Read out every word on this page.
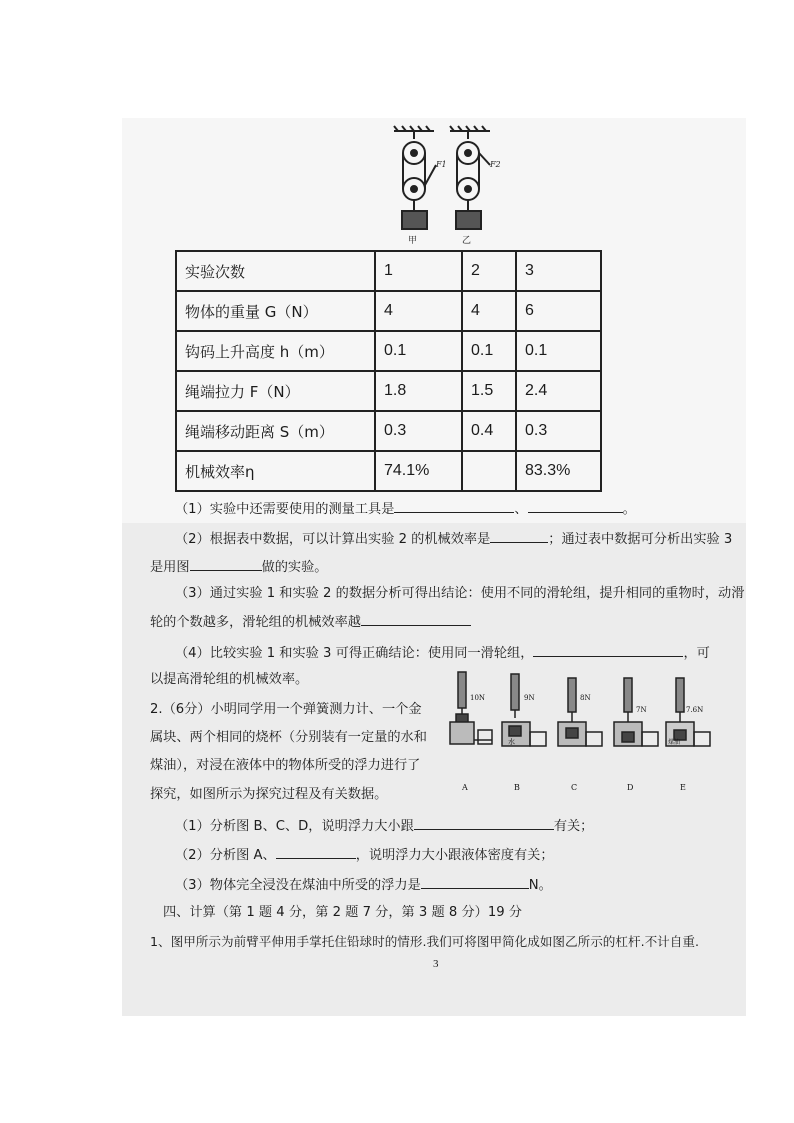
F1	F2
甲	乙
实验次数	1	2	3
物体的重量 G（N）	4	4	6
钩码上升高度 h（m）	0.1	0.1	0.1
绳端拉力 F（N）	1.8	1.5	2.4
绳端移动距离 S（m）	0.3	0.4	0.3
机械效率η	74.1%		83.3%
（1）实验中还需要使用的测量工具是	、	。
（2）根据表中数据，可以计算出实验 2 的机械效率是	；通过表中数据可分析出实验 3
是用图	做的实验。
（3）通过实验 1 和实验 2 的数据分析可得出结论：使用不同的滑轮组，提升相同的重物时，动滑
轮的个数越多，滑轮组的机械效率越
（4）比较实验 1 和实验 3 可得正确结论：使用同一滑轮组，	，可
以提高滑轮组的机械效率。
2.（6分）小明同学用一个弹簧测力计、一个金
属块、两个相同的烧杯（分别装有一定量的水和
煤油），对浸在液体中的物体所受的浮力进行了
探究，如图所示为探究过程及有关数据。
10N	9N	8N
7N	7.6N
水	煤油
A	B	C	D	E
（1）分析图 B、C、D，说明浮力大小跟	有关；
（2）分析图 A、	，说明浮力大小跟液体密度有关；
（3）物体完全浸没在煤油中所受的浮力是	N。
四、计算（第 1 题 4 分，第 2 题 7 分，第 3 题 8 分）19 分
1、图甲所示为前臂平伸用手掌托住铅球时的情形.我们可将图甲简化成如图乙所示的杠杆.不计自重.
3
